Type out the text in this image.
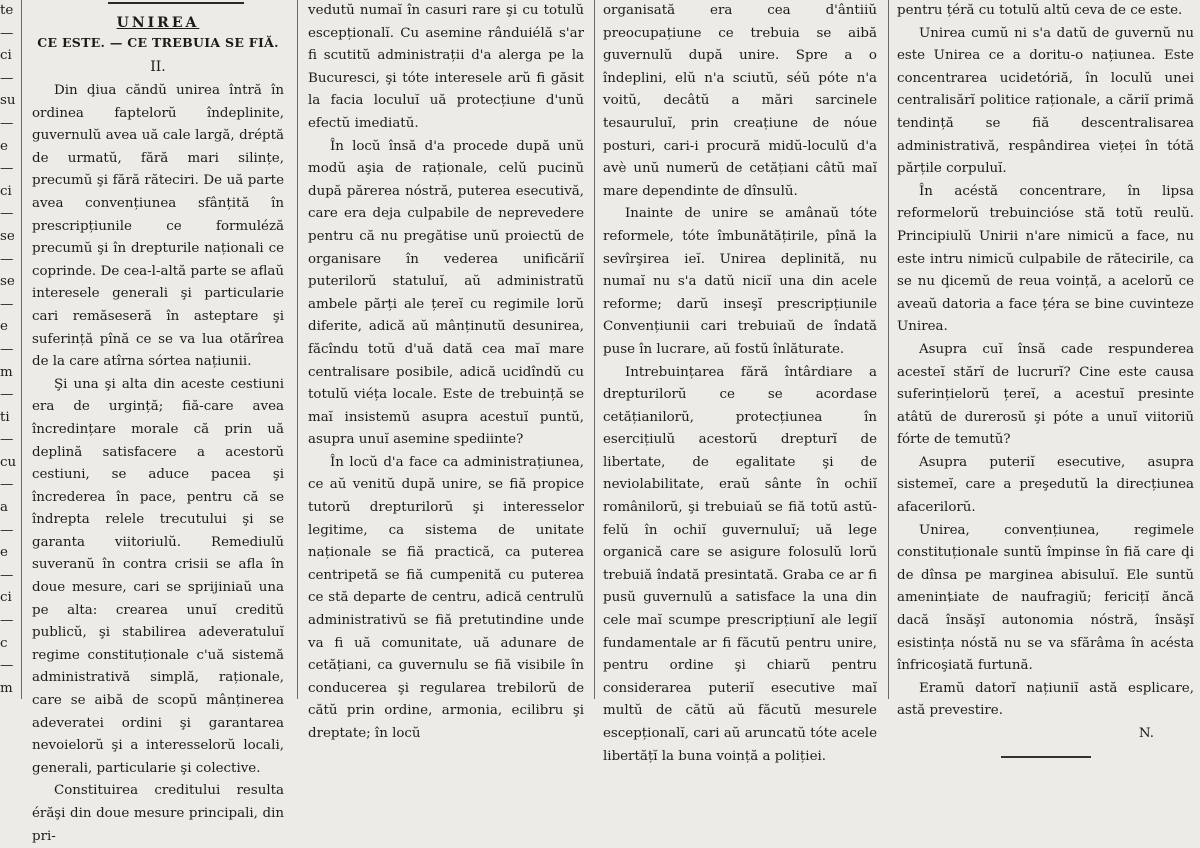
te

—

ci

—

su

—

e

—

ci

—

se

—

se

—

e

—

m

—

ti

—

cu

—

a

—

e

—

ci

—

c

—

m

UNIREA
CE ESTE. — CE TREBUIA SE FIĂ.
II.

Din ḑiua căndŭ unirea întră în ordinea faptelorŭ îndeplinite, guvernulŭ avea uă cale largă, dréptă de urmatŭ, fără mari silințe, precumŭ şi fără răteciri. De uă parte avea convențiunea sfânțită în prescripțiunile ce formuléză precumŭ şi în drepturile naționali ce coprinde. De cea-l-altă parte se aflaŭ interesele generali şi particularie cari remăseseră în asteptare şi suferință pînă ce se va lua otărîrea de la care atîrna sórtea națiunii.

Şi una şi alta din aceste cestiuni era de urgință; fiă-care avea încredințare morale că prin uă deplină satisfacere a acestorŭ cestiuni, se aduce pacea şi încrederea în pace, pentru că se îndrepta relele trecutului şi se garanta viitoriulŭ. Remediulŭ suveranŭ în contra crisii se afla în doue mesure, cari se sprijiniaŭ una pe alta: crearea unuĭ creditŭ publicŭ, şi stabilirea adeveratuluĭ regime constituționale c'uă sistemă administrativă simplă, raționale, care se aibă de scopŭ mânținerea adeveratei ordini şi garantarea nevoielorŭ şi a interesselorŭ locali, generali, particularie şi colective.

Constituirea creditului resulta érăşi din doue mesure principali, din pri-

vedutŭ numaĭ în casuri rare şi cu totulŭ escepționalĭ. Cu asemine rânduiélă s'ar fi scutitŭ administrații d'a alerga pe la Bucuresci, şi tóte interesele arŭ fi găsit la facia loculuĭ uă protecțiune d'unŭ efectŭ imediatŭ.

În locŭ însă d'a procede după unŭ modŭ aşia de raționale, celŭ pucinŭ după părerea nóstră, puterea esecutivă, care era deja culpabile de neprevedere pentru că nu pregătise unŭ proiectŭ de organisare în vederea unificăriĭ puterilorŭ statuluĭ, aŭ administratŭ ambele părți ale țereĭ cu regimile lorŭ diferite, adică aŭ mânținutŭ desunirea, făcîndu totŭ d'uă dată cea maĭ mare centralisare posibile, adică ucidîndŭ cu totulŭ viéța locale. Este de trebuință se maĭ insistemŭ asupra acestuĭ puntŭ, asupra unuĭ asemine spediinte?

În locŭ d'a face ca administrațiunea, ce aŭ venitŭ după unire, se fiă propice tutorŭ drepturilorŭ şi interesselor legitime, ca sistema de unitate naționale se fiă practică, ca puterea centripetă se fiă cumpenită cu puterea ce stă departe de centru, adică centrulŭ administrativŭ se fiă pretutindine unde va fi uă comunitate, uă adunare de cetățiani, ca guvernulu se fiă visibile în conducerea şi regularea trebilorŭ de cătŭ prin ordine, armonia, ecilibru şi dreptate; în locŭ

organisată era cea d'ântiiŭ preocupațiune ce trebuia se aibă guvernulŭ după unire. Spre a o îndeplini, elŭ n'a sciutŭ, séŭ póte n'a voitŭ, decâtŭ a mări sarcinele tesauruluĭ, prin creațiune de nóue posturi, cari-i procură midŭ-loculŭ d'a avè unŭ numerŭ de cetățiani câtŭ maĭ mare dependinte de dînsulŭ.

Inainte de unire se amânaŭ tóte reformele, tóte îmbunătățirile, pînă la sevîrşirea ieĭ. Unirea deplinită, nu numaĭ nu s'a datŭ niciĭ una din acele reforme; darŭ inseşĭ prescripțiunile Convențiunii cari trebuiaŭ de îndată puse în lucrare, aŭ fostŭ înlăturate.

Intrebuințarea fără întârdiare a drepturilorŭ ce se acordase cetățianilorŭ, protecțiunea în esercițiulŭ acestorŭ drepturĭ de libertate, de egalitate şi de neviolabilitate, eraŭ sânte în ochiĭ românilorŭ, şi trebuiaŭ se fiă totŭ astŭ-felŭ în ochiĭ guvernuluĭ; uă lege organică care se asigure folosulŭ lorŭ trebuiă îndată presintată. Graba ce ar fi pusŭ guvernulŭ a satisface la una din cele maĭ scumpe prescripțiunĭ ale legiĭ fundamentale ar fi făcutŭ pentru unire, pentru ordine şi chiarŭ pentru considerarea puteriĭ esecutive maĭ multŭ de cătŭ aŭ făcutŭ mesurele escepționalĭ, cari aŭ aruncatŭ tóte acele libertățĭ la buna voință a poliției.

pentru țéră cu totulŭ altŭ ceva de ce este.

Unirea cumŭ ni s'a datŭ de guvernŭ nu este Unirea ce a doritu-o națiunea. Este concentrarea ucidetóriă, în loculŭ unei centralisărĭ politice raționale, a căriĭ primă tendință se fiă descentralisarea administrativă, respândirea vieței în tótă părțile corpuluĭ.

În acéstă concentrare, în lipsa reformelorŭ trebuincióse stă totŭ reulŭ. Principiulŭ Unirii n'are nimicŭ a face, nu este intru nimicŭ culpabile de rătecirile, ca se nu ḑicemŭ de reua voință, a acelorŭ ce aveaŭ datoria a face țéra se bine cuvinteze Unirea.

Asupra cuĭ însă cade respunderea acesteĭ stărĭ de lucrurĭ? Cine este causa suferințielorŭ țereĭ, a acestuĭ presinte atâtŭ de durerosŭ şi póte a unuĭ viitoriŭ fórte de temutŭ?

Asupra puteriĭ esecutive, asupra sistemeĭ, care a preşedutŭ la direcțiunea afacerilorŭ.

Unirea, convențiunea, regimele constituționale suntŭ împinse în fiă care ḑi de dînsa pe marginea abisuluĭ. Ele suntŭ ameninȶiate de naufragiŭ; fericițĭ ăncă dacă însăşĭ autonomia nóstră, însăşĭ esistința nóstă nu se va sfărâma în acésta înfricoşiată furtună.

Eramŭ datorĭ națiuniĭ astă esplicare, astă prevestire.

N.
